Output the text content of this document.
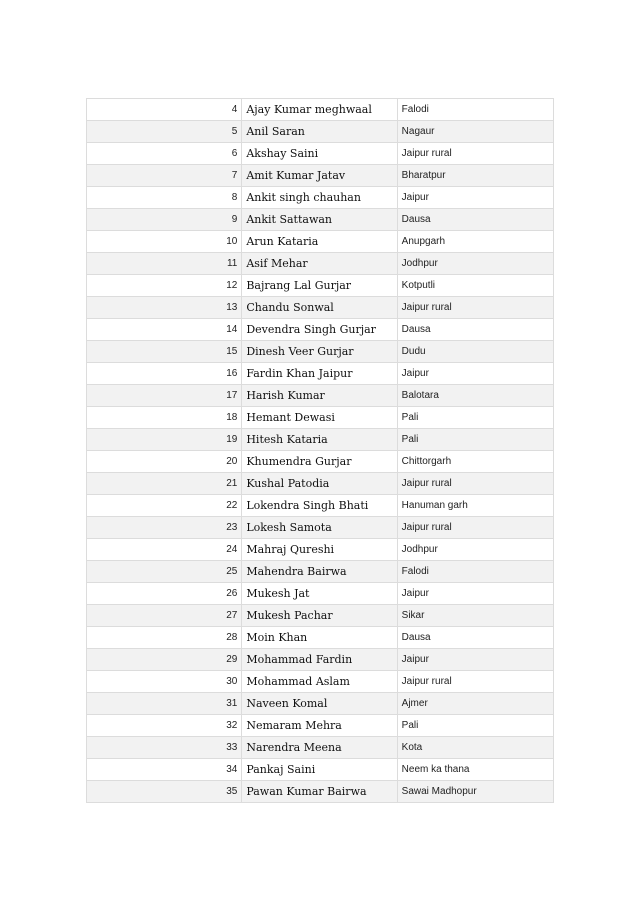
4	Ajay Kumar meghwaal	Falodi
5	Anil Saran	Nagaur
6	Akshay Saini	Jaipur rural
7	Amit Kumar Jatav	Bharatpur
8	Ankit singh chauhan	Jaipur
9	Ankit Sattawan	Dausa
10	Arun Kataria	Anupgarh
11	Asif Mehar	Jodhpur
12	Bajrang Lal Gurjar	Kotputli
13	Chandu Sonwal	Jaipur rural
14	Devendra Singh Gurjar	Dausa
15	Dinesh Veer Gurjar	Dudu
16	Fardin Khan Jaipur	Jaipur
17	Harish Kumar	Balotara
18	Hemant Dewasi	Pali
19	Hitesh Kataria	Pali
20	Khumendra Gurjar	Chittorgarh
21	Kushal Patodia	Jaipur rural
22	Lokendra Singh Bhati	Hanuman garh
23	Lokesh Samota	Jaipur rural
24	Mahraj Qureshi	Jodhpur
25	Mahendra Bairwa	Falodi
26	Mukesh Jat	Jaipur
27	Mukesh Pachar	Sikar
28	Moin Khan	Dausa
29	Mohammad Fardin	Jaipur
30	Mohammad Aslam	Jaipur rural
31	Naveen Komal	Ajmer
32	Nemaram Mehra	Pali
33	Narendra Meena	Kota
34	Pankaj Saini	Neem ka thana
35	Pawan Kumar Bairwa	Sawai Madhopur
